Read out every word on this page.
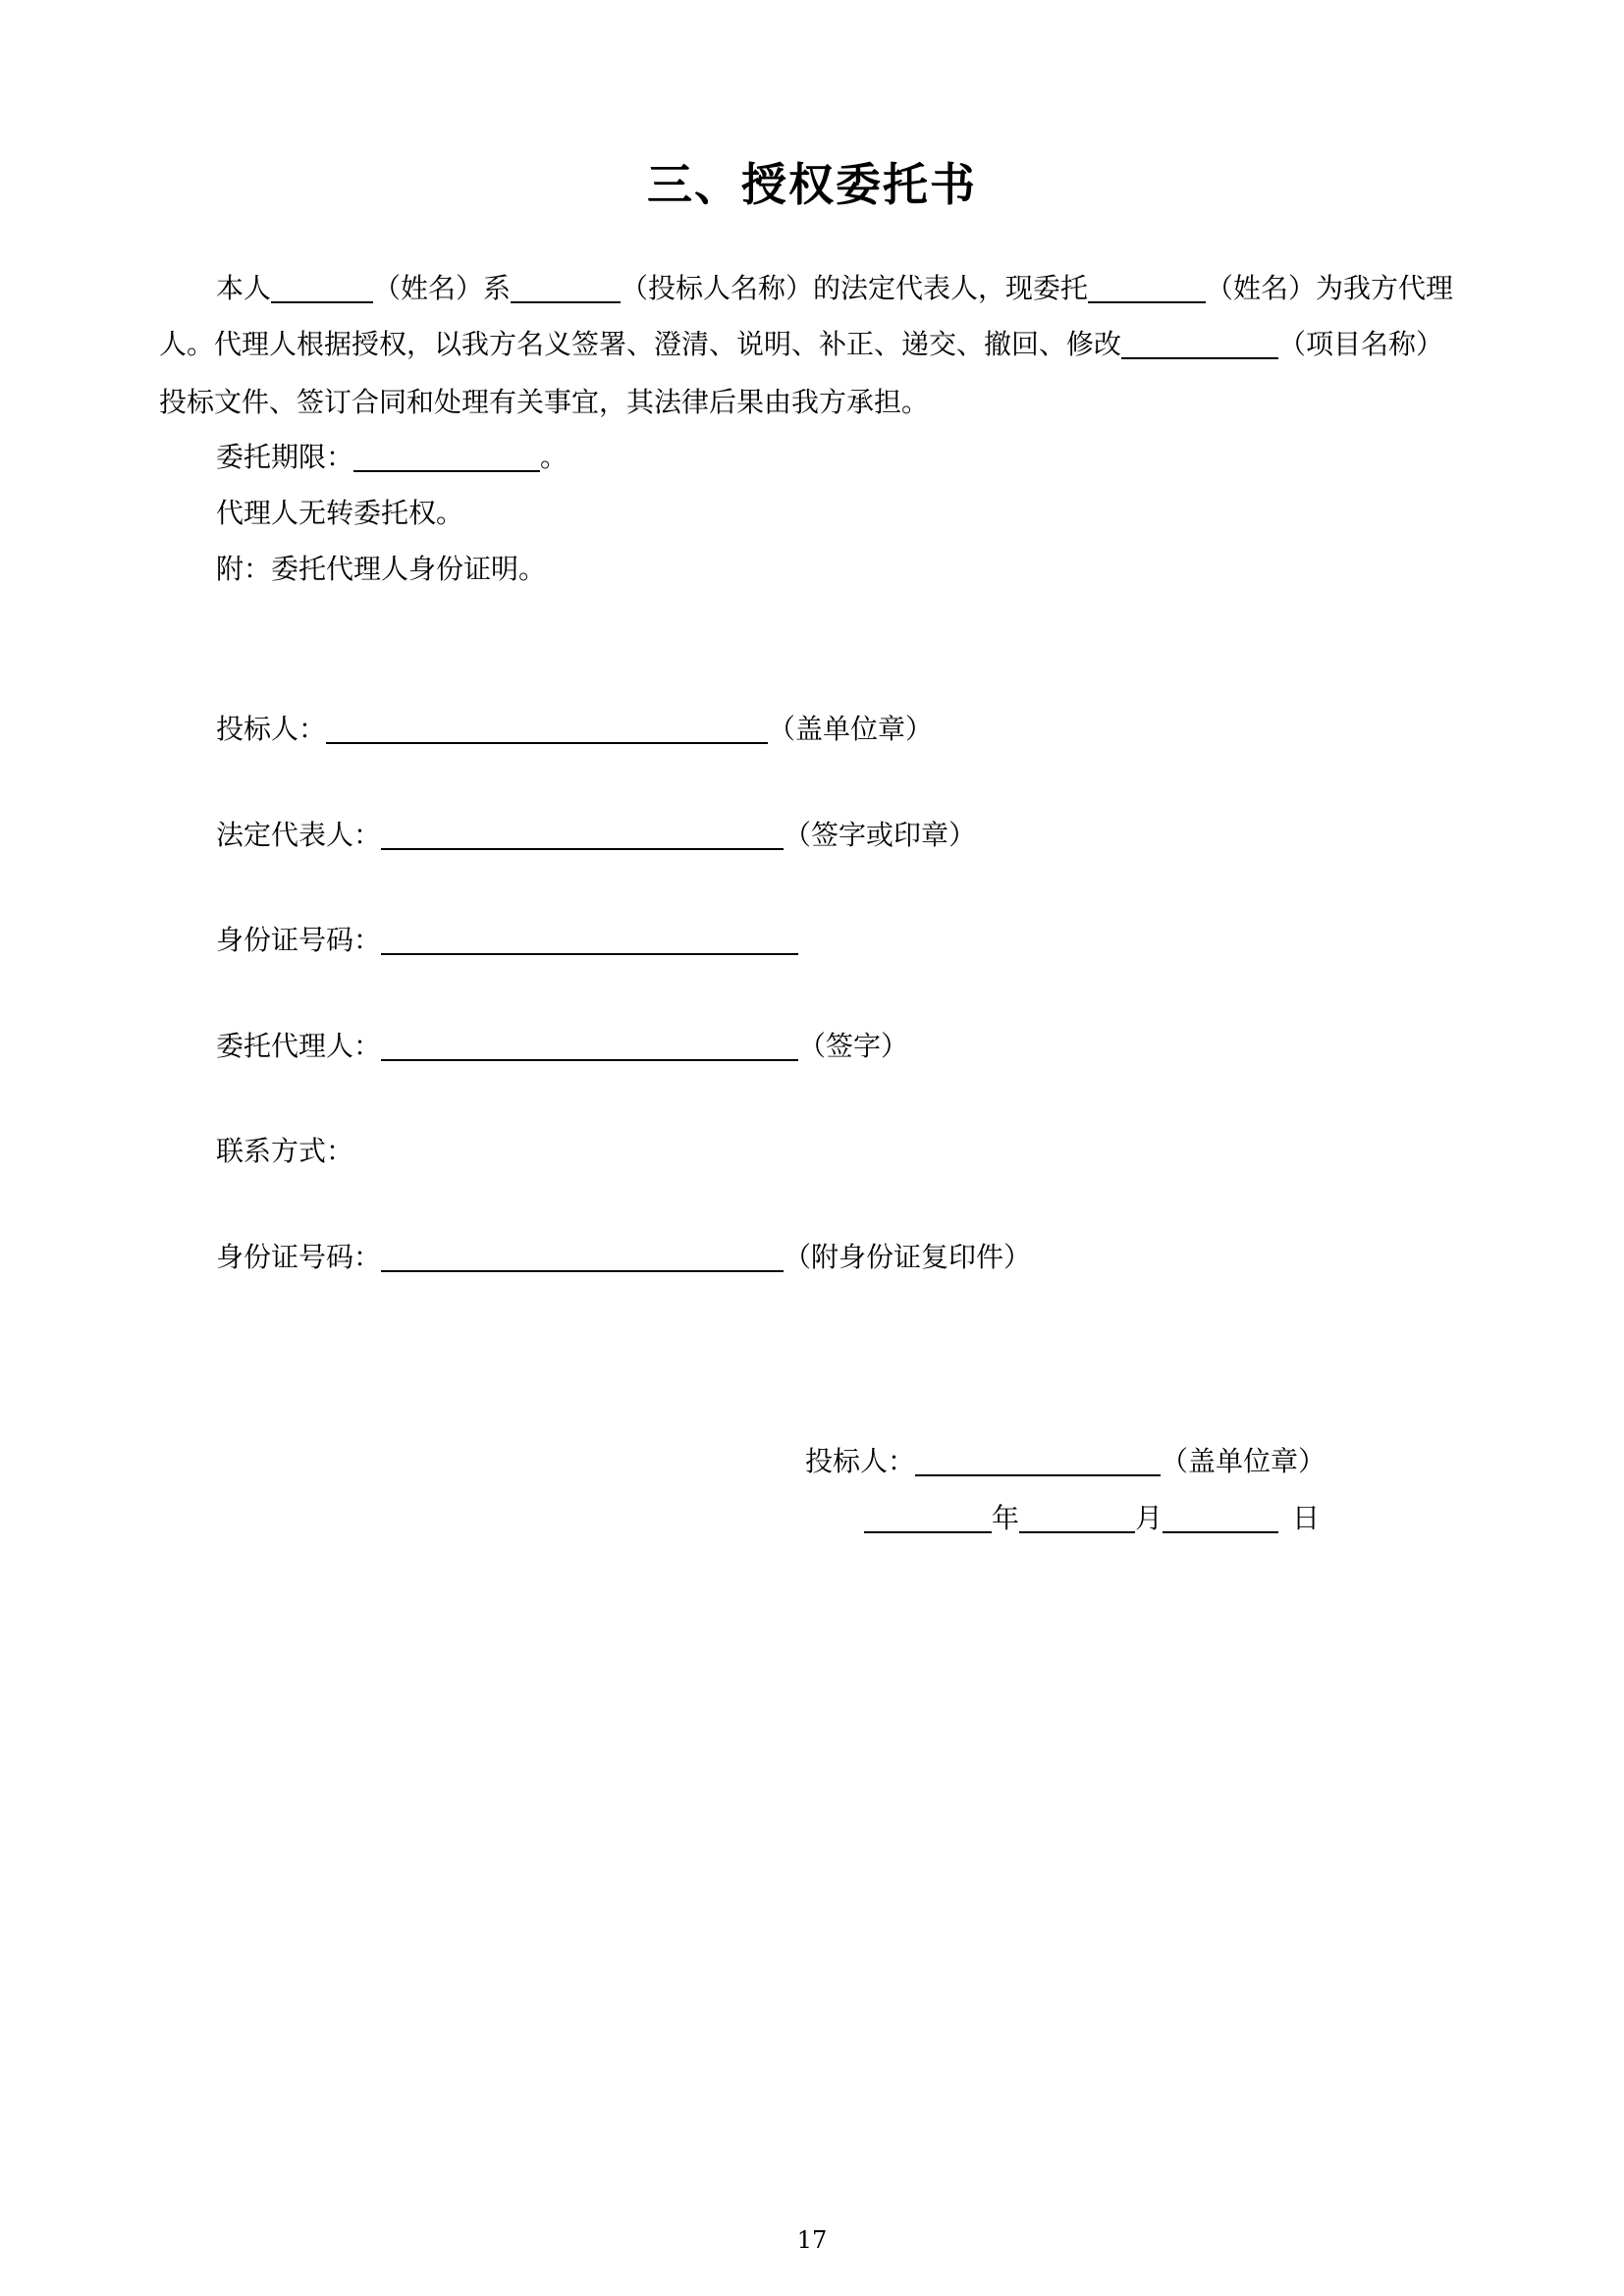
三、授权委托书
本人	（姓名）系	（投标人名称）的法定代表人，现委托	（姓名）为我方代理
人。代理人根据授权，以我方名义签署、澄清、说明、补正、递交、撤回、修改	（项目名称）
投标文件、签订合同和处理有关事宜，其法律后果由我方承担。
委托期限：	。
代理人无转委托权。
附：委托代理人身份证明。
投标人：	（盖单位章）
法定代表人：	（签字或印章）
身份证号码：
委托代理人：	（签字）
联系方式：
身份证号码：	（附身份证复印件）
投标人：	（盖单位章）
年	月	日
17
